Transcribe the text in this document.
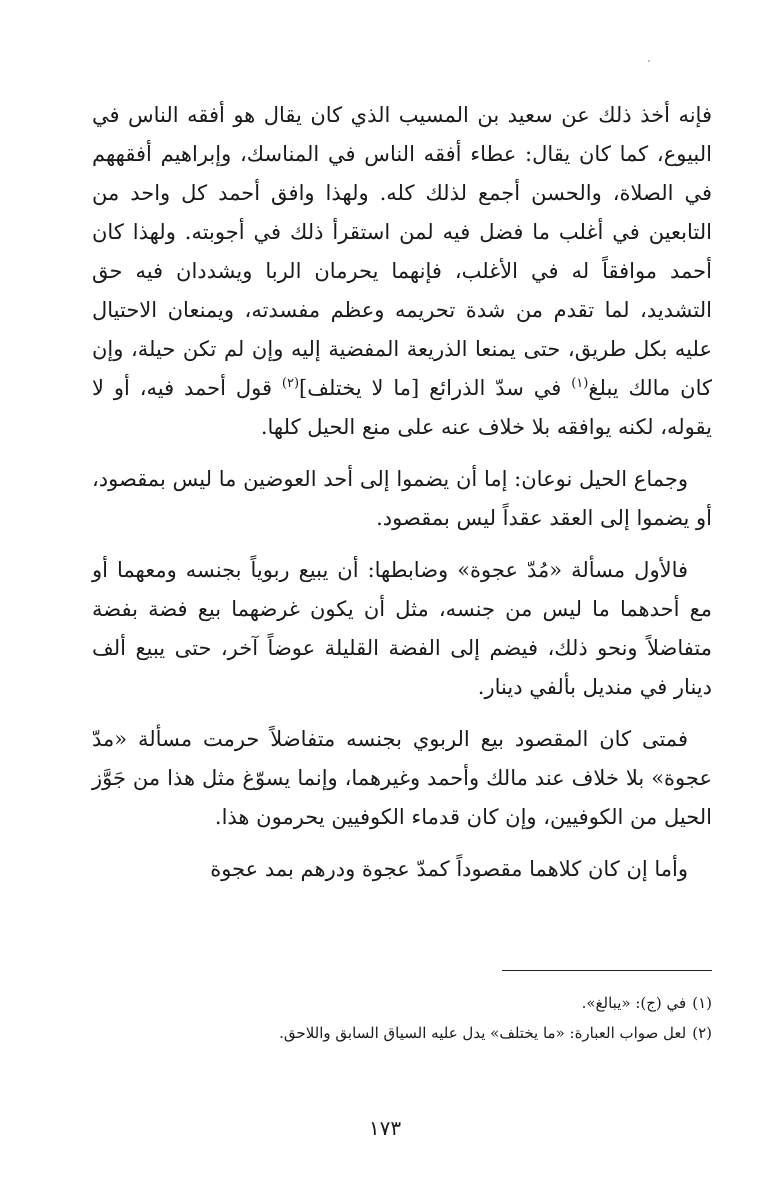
فإنه أخذ ذلك عن سعيد بن المسيب الذي كان يقال هو أفقه الناس في البيوع، كما كان يقال: عطاء أفقه الناس في المناسك، وإبراهيم أفقههم في الصلاة، والحسن أجمع لذلك كله. ولهذا وافق أحمد كل واحد من التابعين في أغلب ما فضل فيه لمن استقرأ ذلك في أجوبته. ولهذا كان أحمد موافقاً له في الأغلب، فإنهما يحرمان الربا ويشددان فيه حق التشديد، لما تقدم من شدة تحريمه وعظم مفسدته، ويمنعان الاحتيال عليه بكل طريق، حتى يمنعا الذريعة المفضية إليه وإن لم تكن حيلة، وإن كان مالك يبلغ$^{(١)}$ في سدّ الذرائع [ما لا يختلف]$^{(٢)}$ قول أحمد فيه، أو لا يقوله، لكنه يوافقه بلا خلاف عنه على منع الحيل كلها.

وجماع الحيل نوعان: إما أن يضموا إلى أحد العوضين ما ليس بمقصود، أو يضموا إلى العقد عقداً ليس بمقصود.

فالأول مسألة «مُدّ عجوة» وضابطها: أن يبيع ربوياً بجنسه ومعهما أو مع أحدهما ما ليس من جنسه، مثل أن يكون غرضهما بيع فضة بفضة متفاضلاً ونحو ذلك، فيضم إلى الفضة القليلة عوضاً آخر، حتى يبيع ألف دينار في منديل بألفي دينار.

فمتى كان المقصود بيع الربوي بجنسه متفاضلاً حرمت مسألة «مدّ عجوة» بلا خلاف عند مالك وأحمد وغيرهما، وإنما يسوّغ مثل هذا من جَوَّز الحيل من الكوفيين، وإن كان قدماء الكوفيين يحرمون هذا.

وأما إن كان كلاهما مقصوداً كمدّ عجوة ودرهم بمد عجوة

(١)في (ج): «يبالغ».

(٢)لعل صواب العبارة: «ما يختلف» يدل عليه السياق السابق واللاحق.

١٧٣
